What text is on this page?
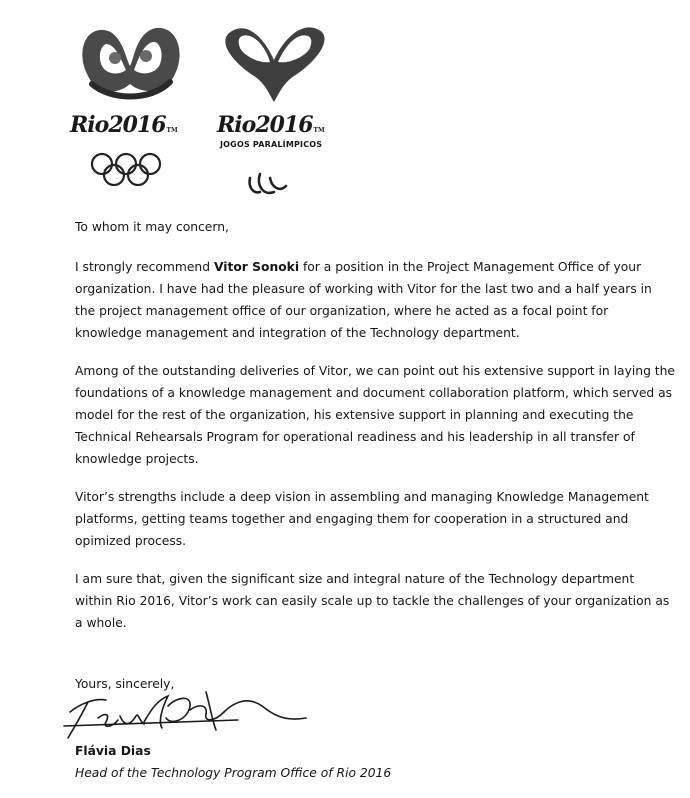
Rio2016TM Rio2016TM
JOGOS PARALÍMPICOS

To whom it may concern,

I strongly recommend Vitor Sonoki for a position in the Project Management Office of your organization. I have had the pleasure of working with Vitor for the last two and a half years in the project management office of our organization, where he acted as a focal point for knowledge management and integration of the Technology department.

Among of the outstanding deliveries of Vitor, we can point out his extensive support in laying the foundations of a knowledge management and document collaboration platform, which served as model for the rest of the organization, his extensive support in planning and executing the Technical Rehearsals Program for operational readiness and his leadership in all transfer of knowledge projects.

Vitor’s strengths include a deep vision in assembling and managing Knowledge Management platforms, getting teams together and engaging them for cooperation in a structured and opimized process.

I am sure that, given the significant size and integral nature of the Technology department within Rio 2016, Vitor’s work can easily scale up to tackle the challenges of your organization as a whole.

Yours, sincerely,
Flávia Dias
Head of the Technology Program Office of Rio 2016
